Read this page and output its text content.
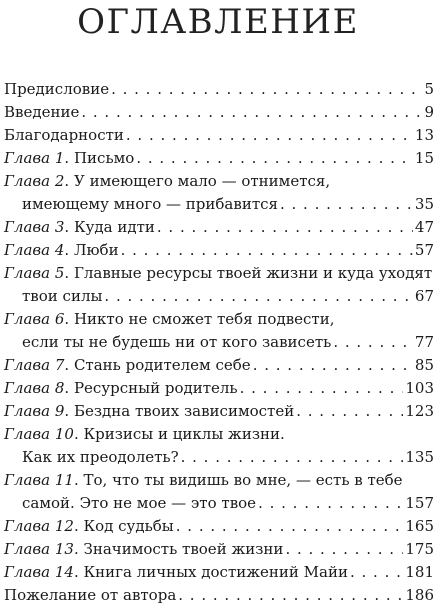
ОГЛАВЛЕНИЕ
Предисловие . . .	5
Введение . . .	9
Благодарности . . .	13
Глава 1. Письмо . . .	15
Глава 2. У имеющего мало — отнимется,
имеющему много — прибавится . . .	35
Глава 3. Куда идти . . .	47
Глава 4. Люби . . .	57
Глава 5. Главные ресурсы твоей жизни и куда уходят
твои силы . . .	67
Глава 6. Никто не сможет тебя подвести,
если ты не будешь ни от кого зависеть . . .	77
Глава 7. Стань родителем себе . . .	85
Глава 8. Ресурсный родитель . . .	103
Глава 9. Бездна твоих зависимостей . . .	123
Глава 10. Кризисы и циклы жизни.
Как их преодолеть? . . .	135
Глава 11. То, что ты видишь во мне, — есть в тебе
самой. Это не мое — это твое . . .	157
Глава 12. Код судьбы . . .	165
Глава 13. Значимость твоей жизни . . .	175
Глава 14. Книга личных достижений Майи . . .	181
Пожелание от автора . . .	186
